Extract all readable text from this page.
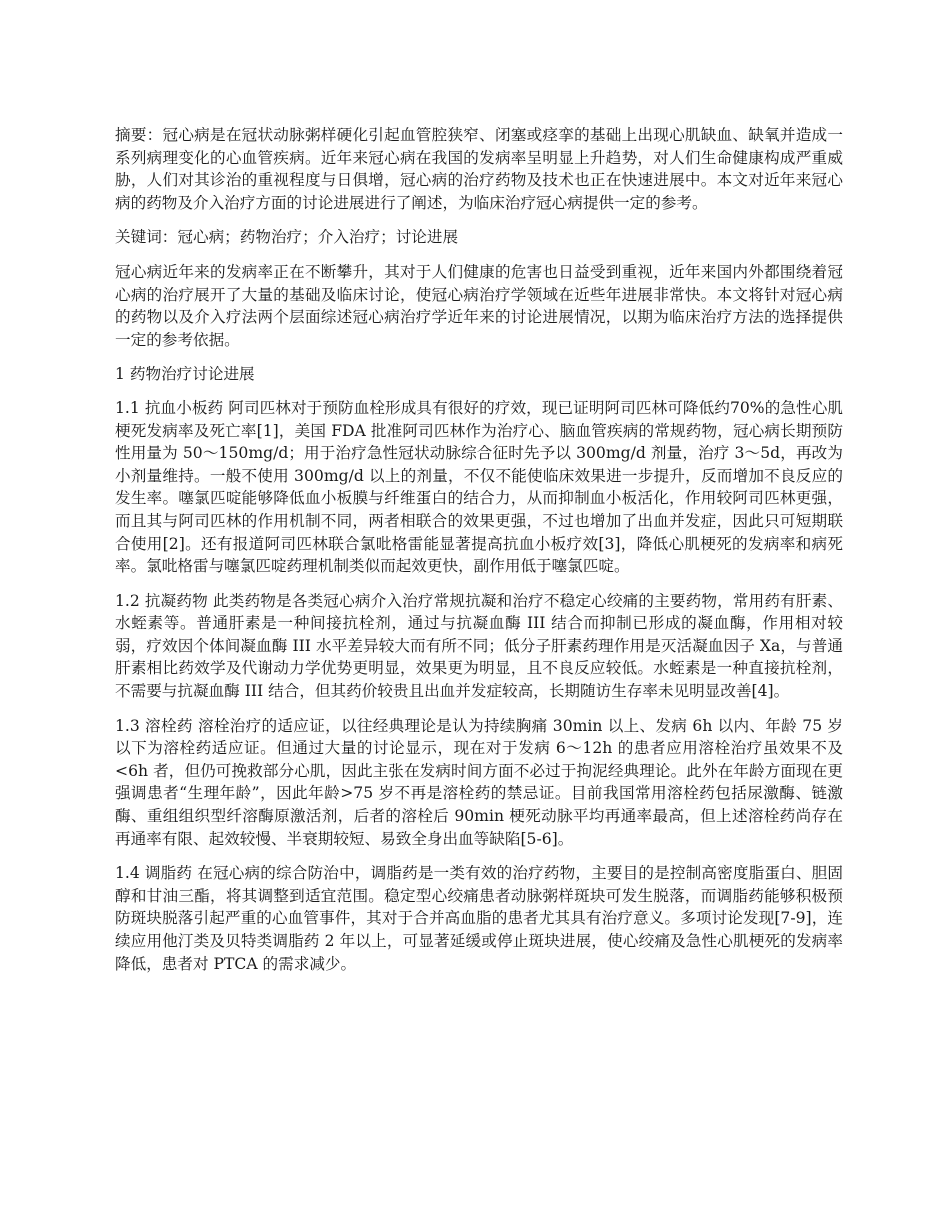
摘要：冠心病是在冠状动脉粥样硬化引起血管腔狭窄、闭塞或痉挛的基础上出现心肌缺血、缺氧并造成一系列病理变化的心血管疾病。近年来冠心病在我国的发病率呈明显上升趋势，对人们生命健康构成严重威胁，人们对其诊治的重视程度与日俱增，冠心病的治疗药物及技术也正在快速进展中。本文对近年来冠心病的药物及介入治疗方面的讨论进展进行了阐述，为临床治疗冠心病提供一定的参考。

关键词：冠心病；药物治疗；介入治疗；讨论进展

冠心病近年来的发病率正在不断攀升，其对于人们健康的危害也日益受到重视，近年来国内外都围绕着冠心病的治疗展开了大量的基础及临床讨论，使冠心病治疗学领域在近些年进展非常快。本文将针对冠心病的药物以及介入疗法两个层面综述冠心病治疗学近年来的讨论进展情况，以期为临床治疗方法的选择提供一定的参考依据。

1 药物治疗讨论进展

1.1 抗血小板药 阿司匹林对于预防血栓形成具有很好的疗效，现已证明阿司匹林可降低约70%的急性心肌梗死发病率及死亡率[1]，美国 FDA 批准阿司匹林作为治疗心、脑血管疾病的常规药物，冠心病长期预防性用量为 50～150mg/d；用于治疗急性冠状动脉综合征时先予以 300mg/d 剂量，治疗 3～5d，再改为小剂量维持。一般不使用 300mg/d 以上的剂量，不仅不能使临床效果进一步提升，反而增加不良反应的发生率。噻氯匹啶能够降低血小板膜与纤维蛋白的结合力，从而抑制血小板活化，作用较阿司匹林更强，而且其与阿司匹林的作用机制不同，两者相联合的效果更强，不过也增加了出血并发症，因此只可短期联合使用[2]。还有报道阿司匹林联合氯吡格雷能显著提高抗血小板疗效[3]，降低心肌梗死的发病率和病死率。氯吡格雷与噻氯匹啶药理机制类似而起效更快，副作用低于噻氯匹啶。

1.2 抗凝药物 此类药物是各类冠心病介入治疗常规抗凝和治疗不稳定心绞痛的主要药物，常用药有肝素、水蛭素等。普通肝素是一种间接抗栓剂，通过与抗凝血酶 III 结合而抑制已形成的凝血酶，作用相对较弱，疗效因个体间凝血酶 III 水平差异较大而有所不同；低分子肝素药理作用是灭活凝血因子 Xa，与普通肝素相比药效学及代谢动力学优势更明显，效果更为明显，且不良反应较低。水蛭素是一种直接抗栓剂，不需要与抗凝血酶 III 结合，但其药价较贵且出血并发症较高，长期随访生存率未见明显改善[4]。

1.3 溶栓药 溶栓治疗的适应证，以往经典理论是认为持续胸痛 30min 以上、发病 6h 以内、年龄 75 岁以下为溶栓药适应证。但通过大量的讨论显示，现在对于发病 6～12h 的患者应用溶栓治疗虽效果不及<6h 者，但仍可挽救部分心肌，因此主张在发病时间方面不必过于拘泥经典理论。此外在年龄方面现在更强调患者“生理年龄”，因此年龄>75 岁不再是溶栓药的禁忌证。目前我国常用溶栓药包括尿激酶、链激酶、重组组织型纤溶酶原激活剂，后者的溶栓后 90min 梗死动脉平均再通率最高，但上述溶栓药尚存在再通率有限、起效较慢、半衰期较短、易致全身出血等缺陷[5-6]。

1.4 调脂药 在冠心病的综合防治中，调脂药是一类有效的治疗药物，主要目的是控制高密度脂蛋白、胆固醇和甘油三酯，将其调整到适宜范围。稳定型心绞痛患者动脉粥样斑块可发生脱落，而调脂药能够积极预防斑块脱落引起严重的心血管事件，其对于合并高血脂的患者尤其具有治疗意义。多项讨论发现[7-9]，连续应用他汀类及贝特类调脂药 2 年以上，可显著延缓或停止斑块进展，使心绞痛及急性心肌梗死的发病率降低，患者对 PTCA 的需求减少。
